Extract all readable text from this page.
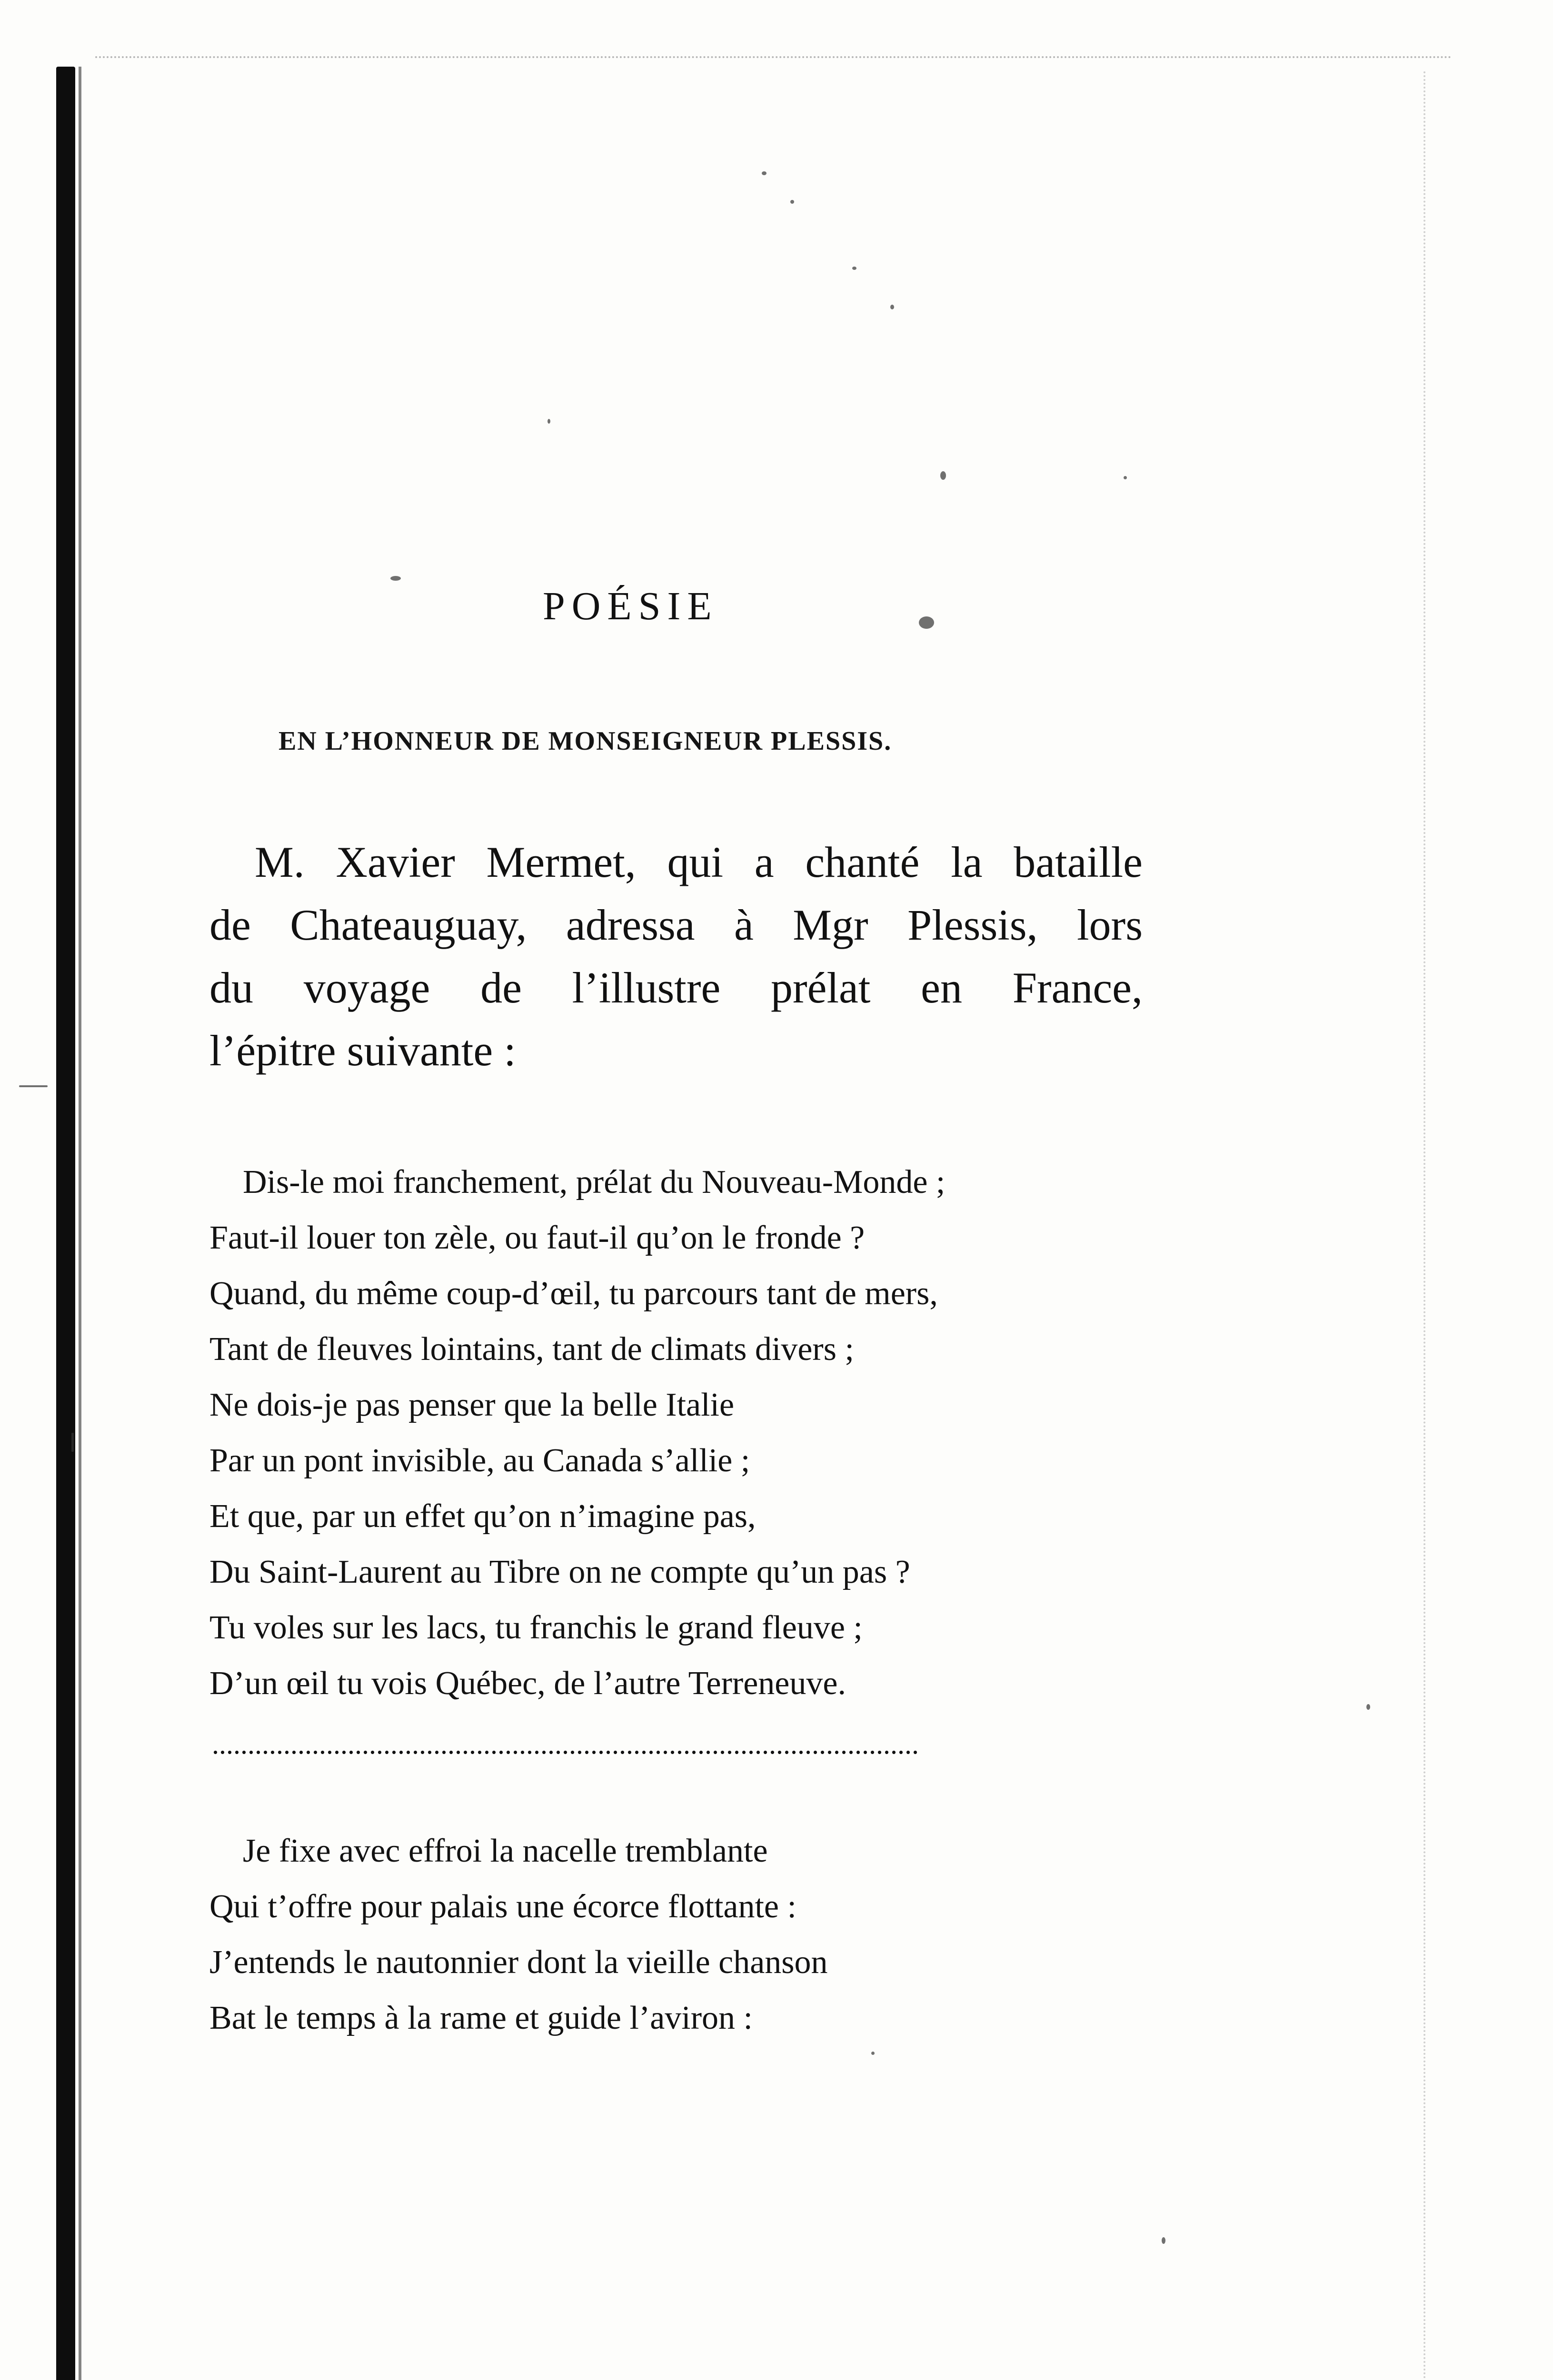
POÉSIE
EN L’HONNEUR DE MONSEIGNEUR PLESSIS.
M. Xavier Mermet, qui a chanté la bataille
de Chateauguay, adressa à Mgr Plessis, lors
du voyage de l’illustre prélat en France,
l’épitre suivante :
Dis-le moi franchement, prélat du Nouveau-Monde ;
Faut-il louer ton zèle, ou faut-il qu’on le fronde ?
Quand, du même coup-d’œil, tu parcours tant de mers,
Tant de fleuves lointains, tant de climats divers ;
Ne dois-je pas penser que la belle Italie
Par un pont invisible, au Canada s’allie ;
Et que, par un effet qu’on n’imagine pas,
Du Saint-Laurent au Tibre on ne compte qu’un pas ?
Tu voles sur les lacs, tu franchis le grand fleuve ;
D’un œil tu vois Québec, de l’autre Terreneuve.
...................................................................................................
Je fixe avec effroi la nacelle tremblante
Qui t’offre pour palais une écorce flottante :
J’entends le nautonnier dont la vieille chanson
Bat le temps à la rame et guide l’aviron :
